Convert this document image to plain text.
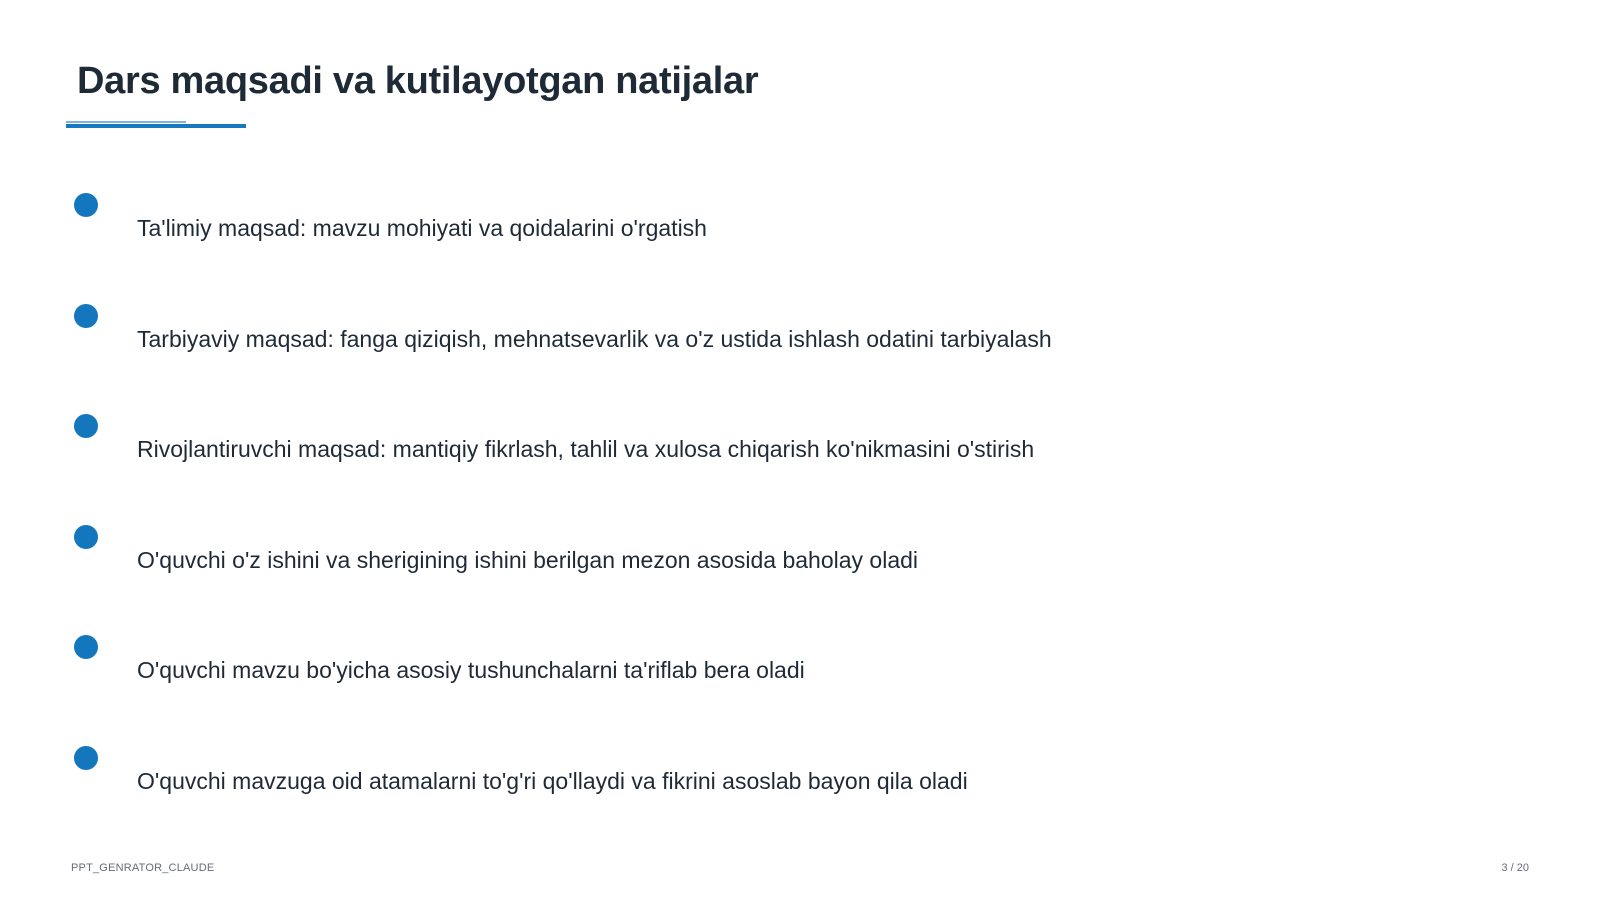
Dars maqsadi va kutilayotgan natijalar
Ta'limiy maqsad: mavzu mohiyati va qoidalarini o'rgatish
Tarbiyaviy maqsad: fanga qiziqish, mehnatsevarlik va o'z ustida ishlash odatini tarbiyalash
Rivojlantiruvchi maqsad: mantiqiy fikrlash, tahlil va xulosa chiqarish ko'nikmasini o'stirish
O'quvchi o'z ishini va sherigining ishini berilgan mezon asosida baholay oladi
O'quvchi mavzu bo'yicha asosiy tushunchalarni ta'riflab bera oladi
O'quvchi mavzuga oid atamalarni to'g'ri qo'llaydi va fikrini asoslab bayon qila oladi
PPT_GENRATOR_CLAUDE	3 / 20
